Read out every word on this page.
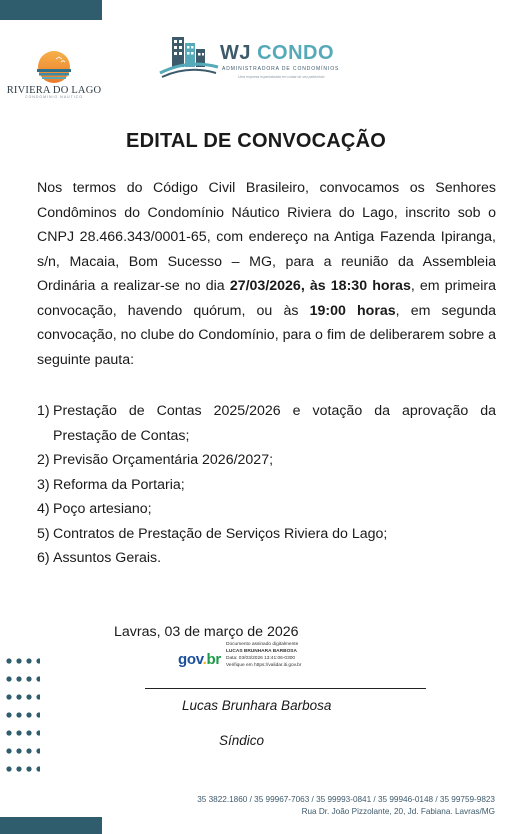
RIVIERA DO LAGO
CONDOMINIO NAUTICO
WJ CONDO
ADMINISTRADORA DE CONDOMÍNIOS
Uma empresa especializada em cuidar do seu patrimônio
EDITAL DE CONVOCAÇÃO

Nos termos do Código Civil Brasileiro, convocamos os Senhores Condôminos do Condomínio Náutico Riviera do Lago, inscrito sob o CNPJ 28.466.343/0001-65, com endereço na Antiga Fazenda Ipiranga, s/n, Macaia, Bom Sucesso – MG, para a reunião da Assembleia Ordinária a realizar-se no dia 27/03/2026, às 18:30 horas, em primeira convocação, havendo quórum, ou às 19:00 horas, em segunda convocação, no clube do Condomínio, para o fim de deliberarem sobre a seguinte pauta:

1) Prestação de Contas 2025/2026 e votação da aprovação da Prestação de Contas;
2) Previsão Orçamentária 2026/2027;
3) Reforma da Portaria;
4) Poço artesiano;
5) Contratos de Prestação de Serviços Riviera do Lago;
6) Assuntos Gerais.
Lavras, 03 de março de 2026
gov.br
Documento assinado digitalmente
LUCAS BRUNHARA BARBOSA
Data: 03/03/2026 13:41:06-0300
Verifique em https://validar.iti.gov.br
Lucas Brunhara Barbosa
Síndico
35 3822.1860 / 35 99967-7063 / 35 99993-0841 / 35 99946-0148 / 35 99759-9823
Rua Dr. João Pizzolante, 20, Jd. Fabiana. Lavras/MG
